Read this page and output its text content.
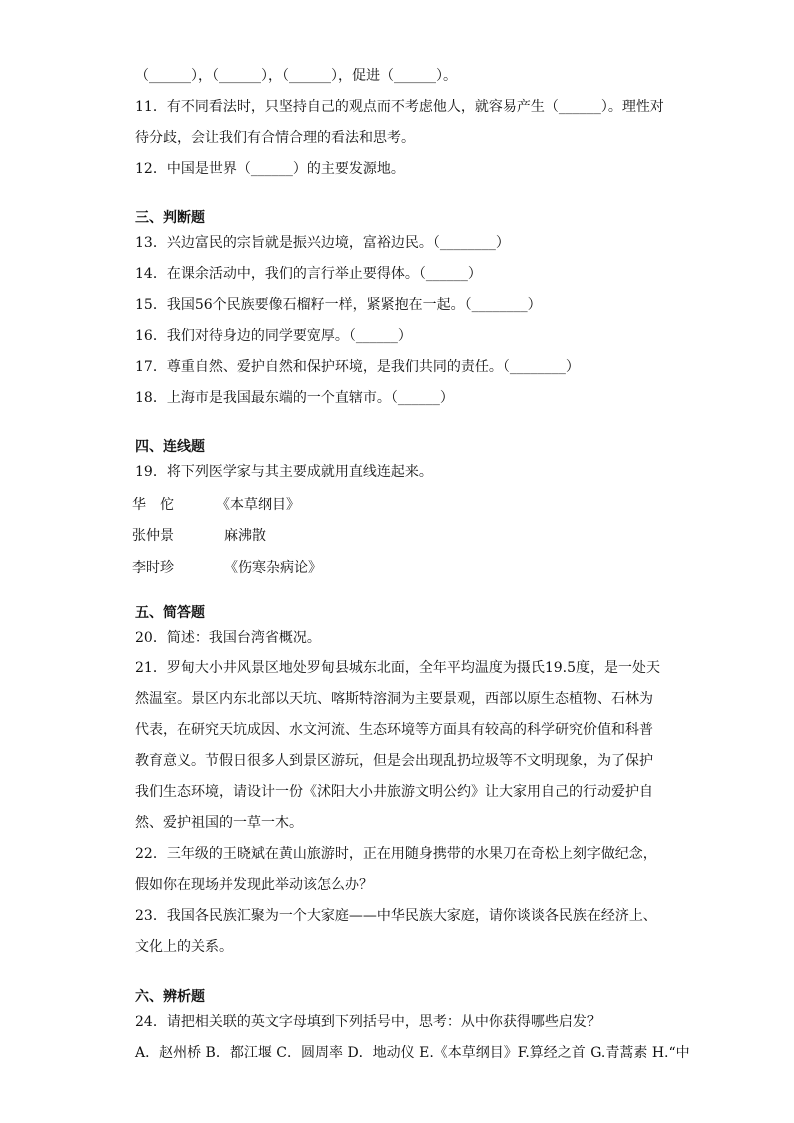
（______），（______），（______），促进（______）。
11．有不同看法时，只坚持自己的观点而不考虑他人，就容易产生（______）。理性对
待分歧，会让我们有合情合理的看法和思考。
12．中国是世界（______）的主要发源地。
三、判断题
13．兴边富民的宗旨就是振兴边境，富裕边民。（________）
14．在课余活动中，我们的言行举止要得体。（______）
15．我国56个民族要像石榴籽一样，紧紧抱在一起。（________）
16．我们对待身边的同学要宽厚。（______）
17．尊重自然、爱护自然和保护环境，是我们共同的责任。（________）
18．上海市是我国最东端的一个直辖市。（______）
四、连线题
19．将下列医学家与其主要成就用直线连起来。
华　佗	《本草纲目》
张仲景	麻沸散
李时珍	《伤寒杂病论》
五、简答题
20．简述：我国台湾省概况。
21．罗甸大小井风景区地处罗甸县城东北面，全年平均温度为摄氏19.5度，是一处天然温室。景区内东北部以天坑、喀斯特溶洞为主要景观，西部以原生态植物、石林为代表，在研究天坑成因、水文河流、生态环境等方面具有较高的科学研究价值和科普教育意义。节假日很多人到景区游玩，但是会出现乱扔垃圾等不文明现象，为了保护我们生态环境，请设计一份《沭阳大小井旅游文明公约》让大家用自己的行动爱护自然、爱护祖国的一草一木。
22．三年级的王晓斌在黄山旅游时，正在用随身携带的水果刀在奇松上刻字做纪念，假如你在现场并发现此举动该怎么办？
23．我国各民族汇聚为一个大家庭——中华民族大家庭，请你谈谈各民族在经济上、文化上的关系。
六、辨析题
24．请把相关联的英文字母填到下列括号中，思考：从中你获得哪些启发？
A．赵州桥 B．都江堰 C．圆周率 D．地动仪 E.《本草纲目》F.算经之首 G.青蒿素 H.“中
